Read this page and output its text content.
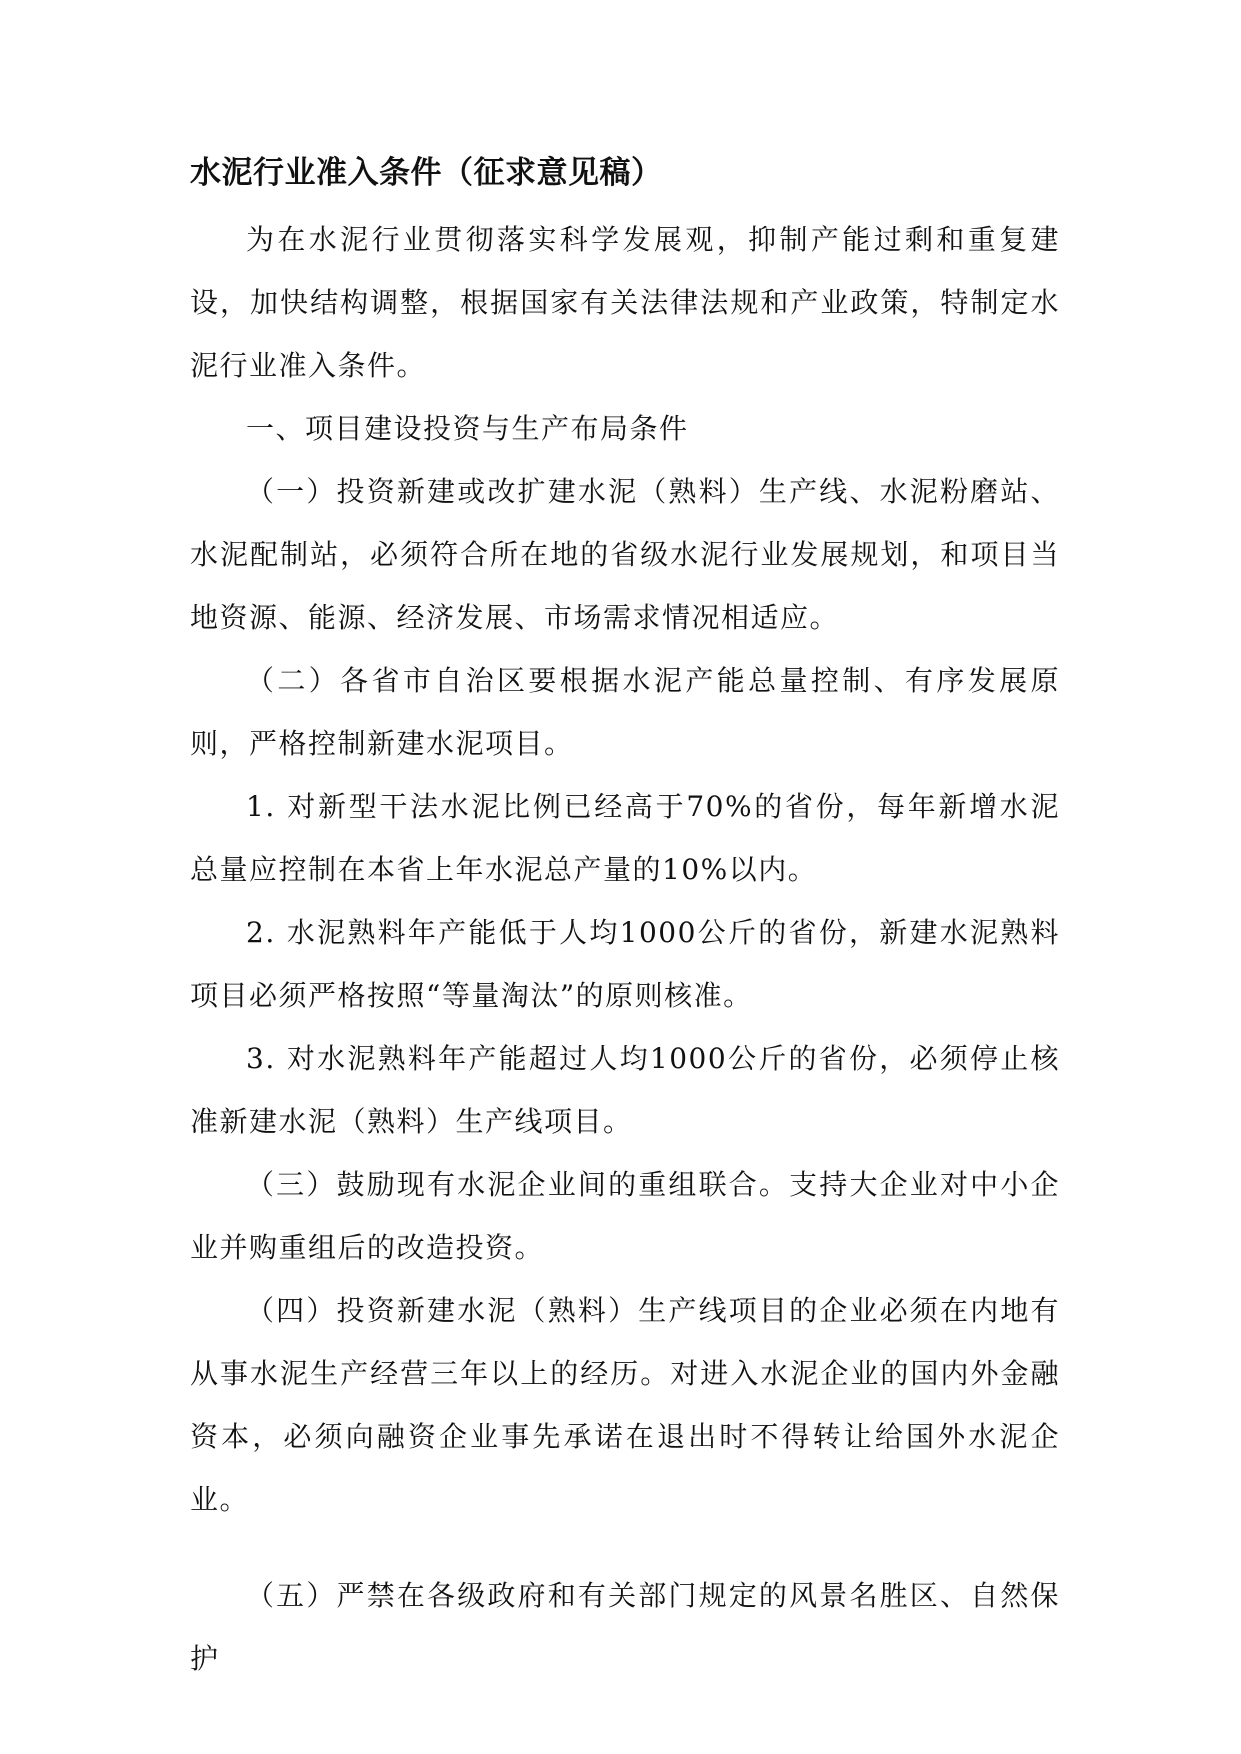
水泥行业准入条件（征求意见稿）

为在水泥行业贯彻落实科学发展观，抑制产能过剩和重复建设，加快结构调整，根据国家有关法律法规和产业政策，特制定水泥行业准入条件。

一、项目建设投资与生产布局条件

（一）投资新建或改扩建水泥（熟料）生产线、水泥粉磨站、水泥配制站，必须符合所在地的省级水泥行业发展规划，和项目当地资源、能源、经济发展、市场需求情况相适应。

（二）各省市自治区要根据水泥产能总量控制、有序发展原则，严格控制新建水泥项目。

1. 对新型干法水泥比例已经高于70%的省份，每年新增水泥总量应控制在本省上年水泥总产量的10%以内。

2. 水泥熟料年产能低于人均1000公斤的省份，新建水泥熟料项目必须严格按照“等量淘汰”的原则核准。

3. 对水泥熟料年产能超过人均1000公斤的省份，必须停止核准新建水泥（熟料）生产线项目。

（三）鼓励现有水泥企业间的重组联合。支持大企业对中小企业并购重组后的改造投资。

（四）投资新建水泥（熟料）生产线项目的企业必须在内地有从事水泥生产经营三年以上的经历。对进入水泥企业的国内外金融资本，必须向融资企业事先承诺在退出时不得转让给国外水泥企业。

（五）严禁在各级政府和有关部门规定的风景名胜区、自然保护
